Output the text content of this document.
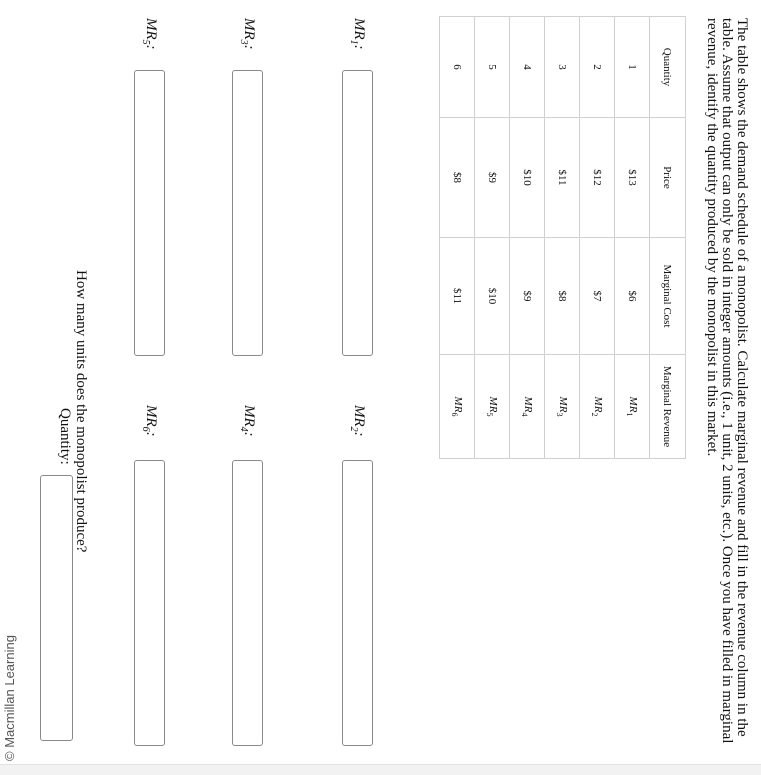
© Macmillan Learning	The table shows the demand schedule of a monopolist. Calculate marginal revenue and fill in the revenue column in the table. Assume that output can only be sold in integer amounts (i.e., 1 unit, 2 units, etc.). Once you have filled in marginal revenue, identify the quantity produced by the monopolist in this market.

Quantity	Price	Marginal Cost	Marginal Revenue
1	$13	$6	$MR_1$
2	$12	$7	$MR_2$
3	$11	$8	$MR_3$
4	$10	$9	$MR_4$
5	$9	$10	$MR_5$
6	$8	$11	$MR_6$
$MR_1$:
$MR_2$:
$MR_3$:
$MR_4$:
$MR_5$:
$MR_6$:
How many units does the monopolist produce?
Quantity:
